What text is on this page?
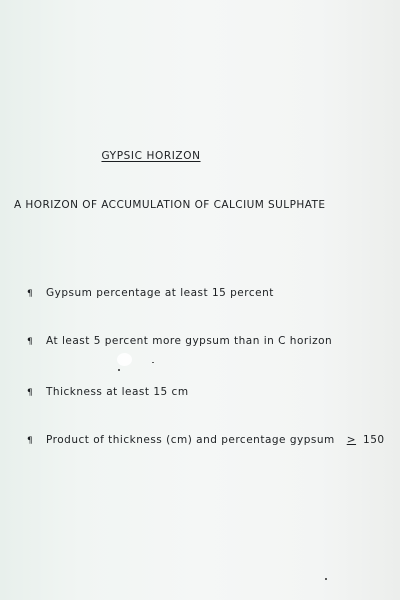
GYPSIC HORIZON
A HORIZON OF ACCUMULATION OF CALCIUM SULPHATE
¶	Gypsum percentage at least 15 percent
¶	At least 5 percent more gypsum than in C horizon
¶	Thickness at least 15 cm
¶	Product of thickness (cm) and percentage gypsum ≥ 150
